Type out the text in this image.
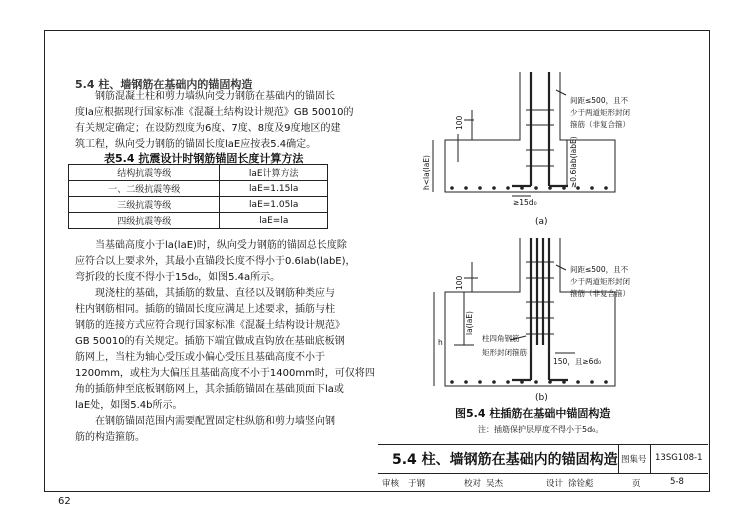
5.4 柱、墙钢筋在基础内的锚固构造
钢筋混凝土柱和剪力墙纵向受力钢筋在基础内的锚固长
度la应根据现行国家标准《混凝土结构设计规范》GB 50010的
有关规定确定；在设防烈度为6度、7度、8度及9度地区的建
筑工程，纵向受力钢筋的锚固长度laE应按表5.4确定。
表5.4 抗震设计时钢筋锚固长度计算方法
结构抗震等级	laE计算方法
一、二级抗震等级	laE=1.15la
三级抗震等级	laE=1.05la
四级抗震等级	laE=la
当基础高度小于la(laE)时，纵向受力钢筋的锚固总长度除
应符合以上要求外，其最小直锚段长度不得小于0.6lab(labE)，
弯折段的长度不得小于15d₀，如图5.4a所示。
现浇柱的基础，其插筋的数量、直径以及钢筋种类应与
柱内钢筋相同。插筋的锚固长度应满足上述要求，插筋与柱
钢筋的连接方式应符合现行国家标准《混凝土结构设计规范》
GB 50010的有关规定。插筋下端宜做成直钩放在基础底板钢
筋网上，当柱为轴心受压或小偏心受压且基础高度不小于
1200mm，或柱为大偏压且基础高度不小于1400mm时，可仅将四
角的插筋伸至底板钢筋网上，其余插筋锚固在基础顶面下la或
laE处，如图5.4b所示。
在钢筋锚固范围内需要配置固定柱纵筋和剪力墙竖向钢
筋的构造箍筋。
间距≤500，且不
少于两道矩形封闭
箍筋（非复合箍）
100
h<la(laE)	≥0.6lab(labE)
≥15d₀
(a)
间距≤500，且不
少于两道矩形封闭
箍筋（非复合箍）
100
la(laE)
h	柱四角钢筋
矩形封闭箍筋
150，且≥6d₀
(b)
图5.4 柱插筋在基础中锚固构造
注：插筋保护层厚度不得小于5d₀。
5.4 柱、墙钢筋在基础内的锚固构造 图集号 13SG108-1
审核 于钢	校对 吴杰	设计 徐铨彪	页	5-8
62
